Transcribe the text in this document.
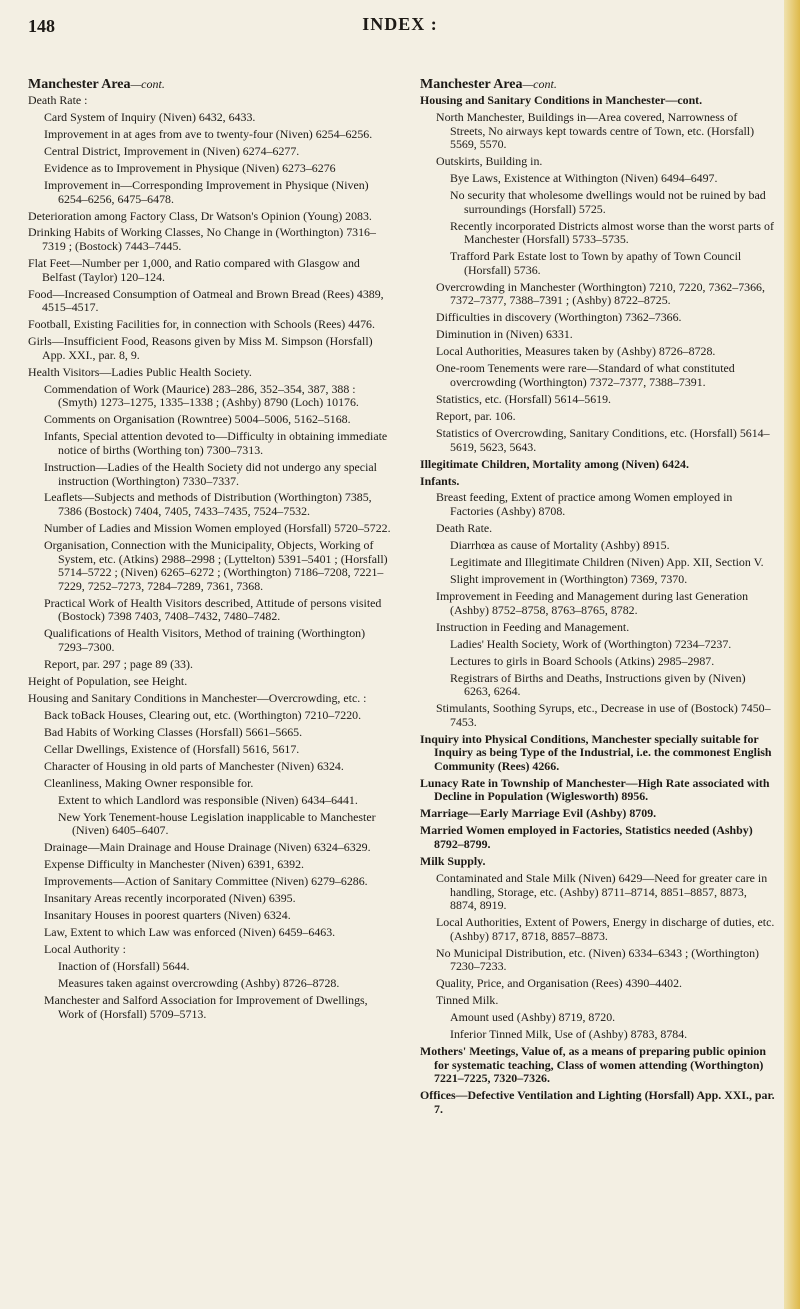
148	INDEX :
Manchester Area—cont.
Death Rate :
Card System of Inquiry (Niven) 6432, 6433.
Improvement in at ages from ave to twenty-four (Niven) 6254–6256.
Central District, Improvement in (Niven) 6274–6277.
Evidence as to Improvement in Physique (Niven) 6273–6276
Improvement in—Corresponding Improvement in Physique (Niven) 6254–6256, 6475–6478.
Deterioration among Factory Class, Dr Watson's Opinion (Young) 2083.
Drinking Habits of Working Classes, No Change in (Worthington) 7316–7319 ; (Bostock) 7443–7445.
Flat Feet—Number per 1,000, and Ratio compared with Glasgow and Belfast (Taylor) 120–124.
Food—Increased Consumption of Oatmeal and Brown Bread (Rees) 4389, 4515–4517.
Football, Existing Facilities for, in connection with Schools (Rees) 4476.
Girls—Insufficient Food, Reasons given by Miss M. Simpson (Horsfall) App. XXI., par. 8, 9.
Health Visitors—Ladies Public Health Society.
Commendation of Work (Maurice) 283–286, 352–354, 387, 388 : (Smyth) 1273–1275, 1335–1338 ; (Ashby) 8790 (Loch) 10176.
Comments on Organisation (Rowntree) 5004–5006, 5162–5168.
Infants, Special attention devoted to—Difficulty in obtaining immediate notice of births (Worthing ton) 7300–7313.
Instruction—Ladies of the Health Society did not undergo any special instruction (Worthington) 7330–7337.
Leaflets—Subjects and methods of Distribution (Worthington) 7385, 7386 (Bostock) 7404, 7405, 7433–7435, 7524–7532.
Number of Ladies and Mission Women employed (Horsfall) 5720–5722.
Organisation, Connection with the Municipality, Objects, Working of System, etc. (Atkins) 2988–2998 ; (Lyttelton) 5391–5401 ; (Horsfall) 5714–5722 ; (Niven) 6265–6272 ; (Worthington) 7186–7208, 7221–7229, 7252–7273, 7284–7289, 7361, 7368.
Practical Work of Health Visitors described, Attitude of persons visited (Bostock) 7398 7403, 7408–7432, 7480–7482.
Qualifications of Health Visitors, Method of training (Worthington) 7293–7300.
Report, par. 297 ; page 89 (33).
Height of Population, see Height.
Housing and Sanitary Conditions in Manchester—Overcrowding, etc. :
Back toBack Houses, Clearing out, etc. (Worthington) 7210–7220.
Bad Habits of Working Classes (Horsfall) 5661–5665.
Cellar Dwellings, Existence of (Horsfall) 5616, 5617.
Character of Housing in old parts of Manchester (Niven) 6324.
Cleanliness, Making Owner responsible for.
Extent to which Landlord was responsible (Niven) 6434–6441.
New York Tenement-house Legislation inapplicable to Manchester (Niven) 6405–6407.
Drainage—Main Drainage and House Drainage (Niven) 6324–6329.
Expense Difficulty in Manchester (Niven) 6391, 6392.
Improvements—Action of Sanitary Committee (Niven) 6279–6286.
Insanitary Areas recently incorporated (Niven) 6395.
Insanitary Houses in poorest quarters (Niven) 6324.
Law, Extent to which Law was enforced (Niven) 6459–6463.
Local Authority :
Inaction of (Horsfall) 5644.
Measures taken against overcrowding (Ashby) 8726–8728.
Manchester and Salford Association for Improvement of Dwellings, Work of (Horsfall) 5709–5713.
Manchester Area—cont.
Housing and Sanitary Conditions in Manchester—cont.
North Manchester, Buildings in—Area covered, Narrowness of Streets, No airways kept towards centre of Town, etc. (Horsfall) 5569, 5570.
Outskirts, Building in.
Bye Laws, Existence at Withington (Niven) 6494–6497.
No security that wholesome dwellings would not be ruined by bad surroundings (Horsfall) 5725.
Recently incorporated Districts almost worse than the worst parts of Manchester (Horsfall) 5733–5735.
Trafford Park Estate lost to Town by apathy of Town Council (Horsfall) 5736.
Overcrowding in Manchester (Worthington) 7210, 7220, 7362–7366, 7372–7377, 7388–7391 ; (Ashby) 8722–8725.
Difficulties in discovery (Worthington) 7362–7366.
Diminution in (Niven) 6331.
Local Authorities, Measures taken by (Ashby) 8726–8728.
One-room Tenements were rare—Standard of what constituted overcrowding (Worthington) 7372–7377, 7388–7391.
Statistics, etc. (Horsfall) 5614–5619.
Report, par. 106.
Statistics of Overcrowding, Sanitary Conditions, etc. (Horsfall) 5614–5619, 5623, 5643.
Illegitimate Children, Mortality among (Niven) 6424.
Infants.
Breast feeding, Extent of practice among Women employed in Factories (Ashby) 8708.
Death Rate.
Diarrhœa as cause of Mortality (Ashby) 8915.
Legitimate and Illegitimate Children (Niven) App. XII, Section V.
Slight improvement in (Worthington) 7369, 7370.
Improvement in Feeding and Management during last Generation (Ashby) 8752–8758, 8763–8765, 8782.
Instruction in Feeding and Management.
Ladies' Health Society, Work of (Worthington) 7234–7237.
Lectures to girls in Board Schools (Atkins) 2985–2987.
Registrars of Births and Deaths, Instructions given by (Niven) 6263, 6264.
Stimulants, Soothing Syrups, etc., Decrease in use of (Bostock) 7450–7453.
Inquiry into Physical Conditions, Manchester specially suitable for Inquiry as being Type of the Industrial, i.e. the commonest English Community (Rees) 4266.
Lunacy Rate in Township of Manchester—High Rate associated with Decline in Population (Wiglesworth) 8956.
Marriage—Early Marriage Evil (Ashby) 8709.
Married Women employed in Factories, Statistics needed (Ashby) 8792–8799.
Milk Supply.
Contaminated and Stale Milk (Niven) 6429—Need for greater care in handling, Storage, etc. (Ashby) 8711–8714, 8851–8857, 8873, 8874, 8919.
Local Authorities, Extent of Powers, Energy in discharge of duties, etc. (Ashby) 8717, 8718, 8857–8873.
No Municipal Distribution, etc. (Niven) 6334–6343 ; (Worthington) 7230–7233.
Quality, Price, and Organisation (Rees) 4390–4402.
Tinned Milk.
Amount used (Ashby) 8719, 8720.
Inferior Tinned Milk, Use of (Ashby) 8783, 8784.
Mothers' Meetings, Value of, as a means of preparing public opinion for systematic teaching, Class of women attending (Worthington) 7221–7225, 7320–7326.
Offices—Defective Ventilation and Lighting (Horsfall) App. XXI., par. 7.
